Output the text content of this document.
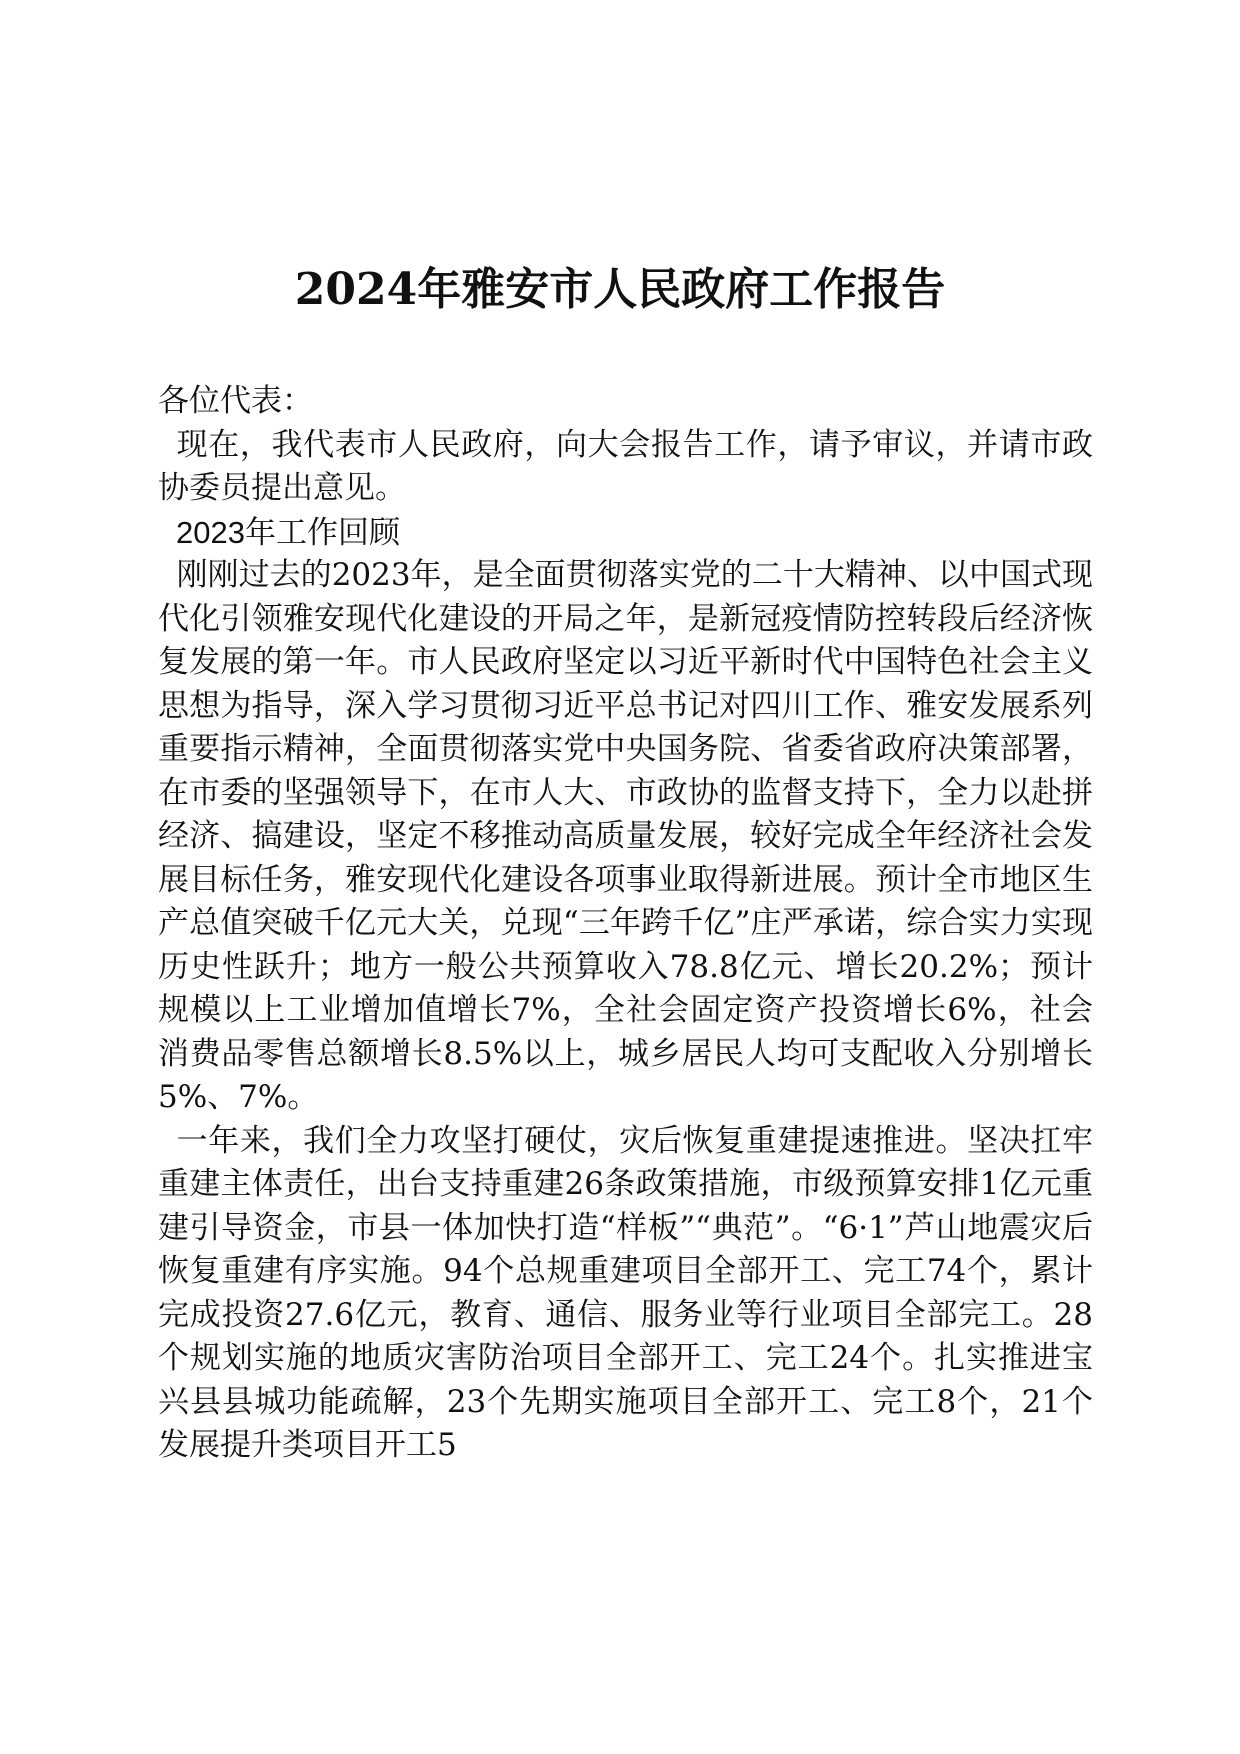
2024年雅安市人民政府工作报告

各位代表：

现在，我代表市人民政府，向大会报告工作，请予审议，并请市政协委员提出意见。

2023年工作回顾

刚刚过去的2023年，是全面贯彻落实党的二十大精神、以中国式现代化引领雅安现代化建设的开局之年，是新冠疫情防控转段后经济恢复发展的第一年。市人民政府坚定以习近平新时代中国特色社会主义思想为指导，深入学习贯彻习近平总书记对四川工作、雅安发展系列重要指示精神，全面贯彻落实党中央国务院、省委省政府决策部署，在市委的坚强领导下，在市人大、市政协的监督支持下，全力以赴拼经济、搞建设，坚定不移推动高质量发展，较好完成全年经济社会发展目标任务，雅安现代化建设各项事业取得新进展。预计全市地区生产总值突破千亿元大关，兑现“三年跨千亿”庄严承诺，综合实力实现历史性跃升；地方一般公共预算收入78.8亿元、增长20.2%；预计规模以上工业增加值增长7%，全社会固定资产投资增长6%，社会消费品零售总额增长8.5%以上，城乡居民人均可支配收入分别增长5%、7%。

一年来，我们全力攻坚打硬仗，灾后恢复重建提速推进。坚决扛牢重建主体责任，出台支持重建26条政策措施，市级预算安排1亿元重建引导资金，市县一体加快打造“样板”“典范”。“6·1”芦山地震灾后恢复重建有序实施。94个总规重建项目全部开工、完工74个，累计完成投资27.6亿元，教育、通信、服务业等行业项目全部完工。28个规划实施的地质灾害防治项目全部开工、完工24个。扎实推进宝兴县县城功能疏解，23个先期实施项目全部开工、完工8个，21个发展提升类项目开工5
